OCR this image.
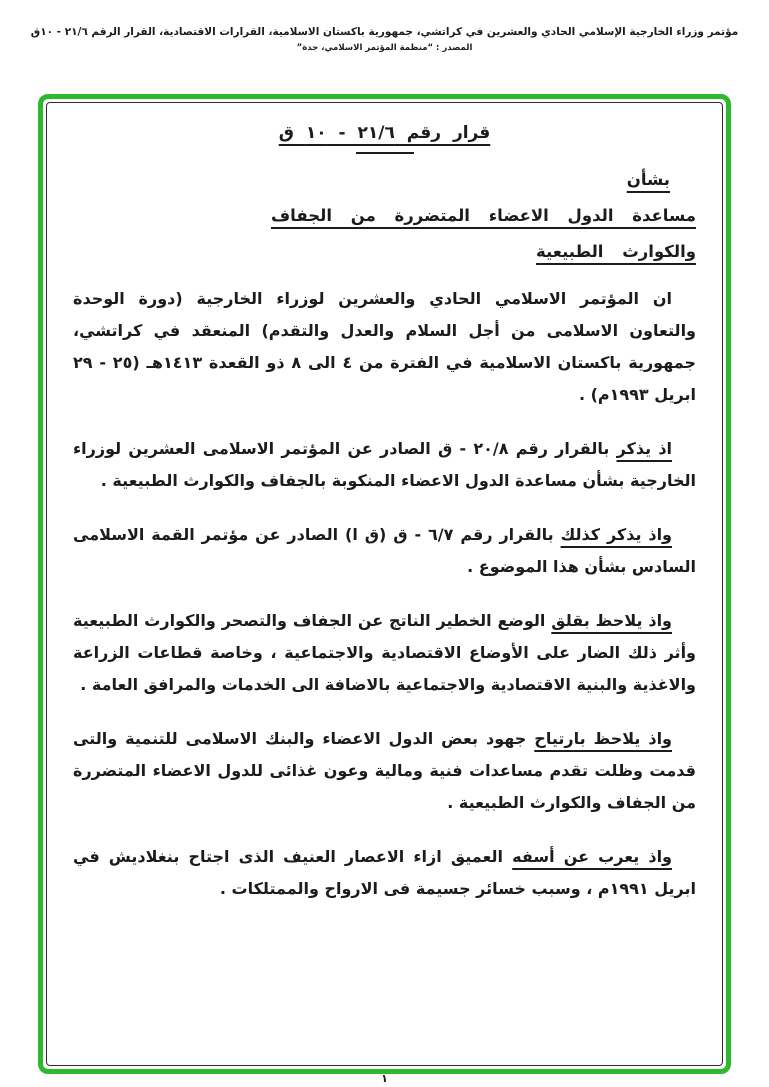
مؤتمر وزراء الخارجية الإسلامي الحادي والعشرين في كراتشي، جمهورية باكستان الاسلامية، القرارات الاقتصادية، القرار الرقم ٢١/٦ - ١٠ق
المصدر : “منظمة المؤتمر الاسلامي، جدة”
قرار رقم ٢١/٦ - ١٠ ق
بشأن
مساعدة الدول الاعضاء المتضررة من الجفاف
والكوارث الطبيعية

ان المؤتمر الاسلامي الحادي والعشرين لوزراء الخارجية (دورة الوحدة والتعاون الاسلامى من أجل السلام والعدل والتقدم) المنعقد في كراتشي، جمهورية باكستان الاسلامية في الفترة من ٤ الى ٨ ذو القعدة ١٤١٣هـ (٢٥ - ٢٩ ابريل ١٩٩٣م) .

اذ يذكر بالقرار رقم ٢٠/٨ - ق الصادر عن المؤتمر الاسلامى العشرين لوزراء الخارجية بشأن مساعدة الدول الاعضاء المنكوبة بالجفاف والكوارث الطبيعية .

واذ يذكر كذلك بالقرار رقم ٦/٧ - ق (ق ا) الصادر عن مؤتمر القمة الاسلامى السادس بشأن هذا الموضوع .

واذ يلاحظ بقلق الوضع الخطير الناتج عن الجفاف والتصحر والكوارث الطبيعية وأثر ذلك الضار على الأوضاع الاقتصادية والاجتماعية ، وخاصة قطاعات الزراعة والاغذية والبنية الاقتصادية والاجتماعية بالاضافة الى الخدمات والمرافق العامة .

واذ يلاحظ بارتياح جهود بعض الدول الاعضاء والبنك الاسلامى للتنمية والتى قدمت وظلت تقدم مساعدات فنية ومالية وعون غذائى للدول الاعضاء المتضررة من الجفاف والكوارث الطبيعية .

واذ يعرب عن أسفه العميق ازاء الاعصار العنيف الذى اجتاح بنغلاديش في ابريل ١٩٩١م ، وسبب خسائر جسيمة فى الارواح والممتلكات .

١
